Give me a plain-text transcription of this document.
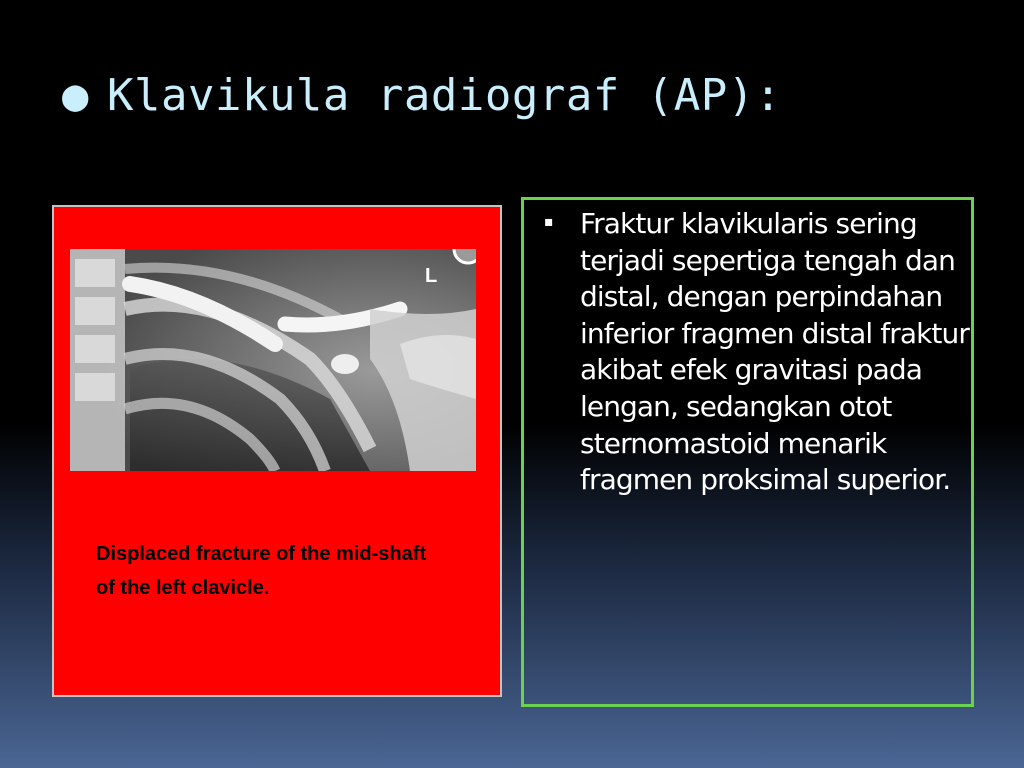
● Klavikula radiograf (AP):
L
Displaced fracture of the mid-shaft of the left clavicle.
▪ Fraktur klavikularis sering terjadi sepertiga tengah dan distal, dengan perpindahan inferior fragmen distal fraktur akibat efek gravitasi pada lengan, sedangkan otot sternomastoid menarik fragmen proksimal superior.
